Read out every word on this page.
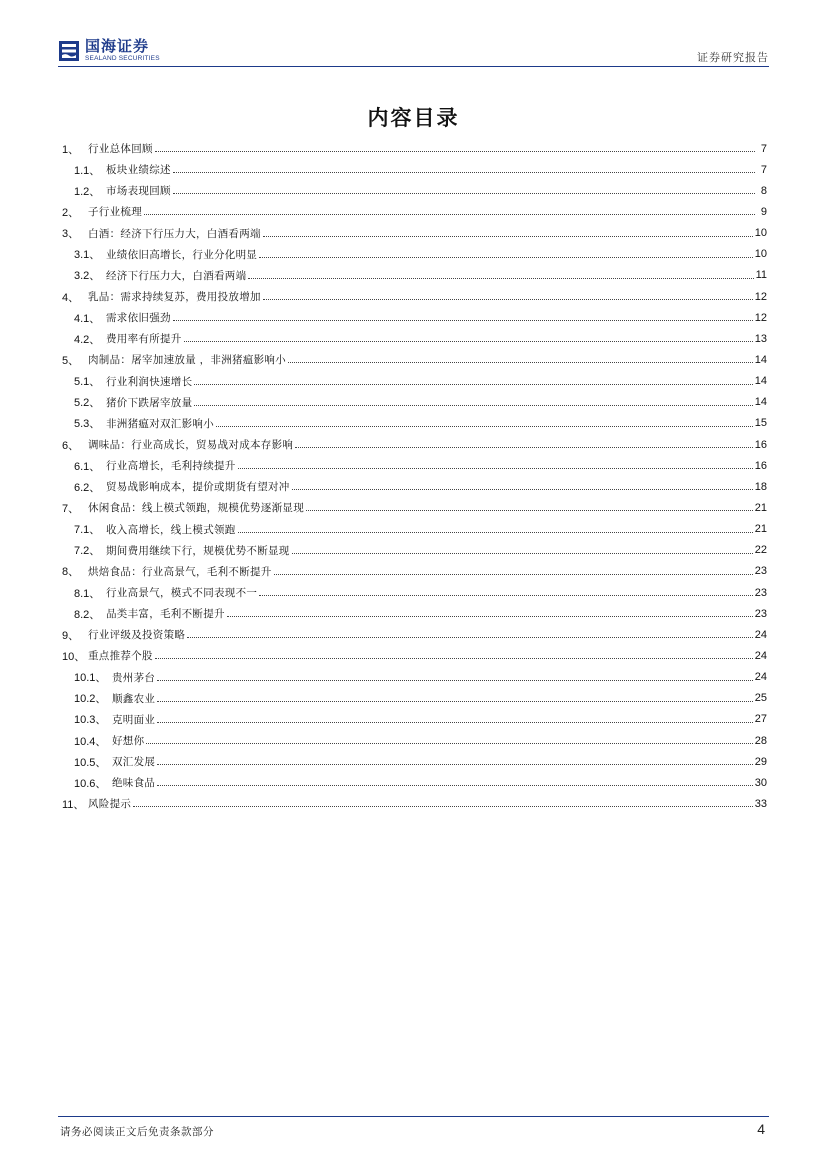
国海证券
SEALAND SECURITIES	证券研究报告
内容目录
1、 行业总体回顾	7
1.1、 板块业绩综述	7
1.2、 市场表现回顾	8
2、 子行业梳理	9
3、 白酒：经济下行压力大，白酒看两端	10
3.1、 业绩依旧高增长，行业分化明显	10
3.2、 经济下行压力大，白酒看两端	11
4、 乳品：需求持续复苏，费用投放增加	12
4.1、 需求依旧强劲	12
4.2、 费用率有所提升	13
5、 肉制品：屠宰加速放量 ，非洲猪瘟影响小	14
5.1、 行业利润快速增长	14
5.2、 猪价下跌屠宰放量	14
5.3、 非洲猪瘟对双汇影响小	15
6、 调味品：行业高成长，贸易战对成本存影响	16
6.1、 行业高增长，毛利持续提升	16
6.2、 贸易战影响成本，提价或期货有望对冲	18
7、 休闲食品：线上模式领跑，规模优势逐渐显现	21
7.1、 收入高增长，线上模式领跑	21
7.2、 期间费用继续下行，规模优势不断显现	22
8、 烘焙食品：行业高景气，毛利不断提升	23
8.1、 行业高景气，模式不同表现不一	23
8.2、 品类丰富，毛利不断提升	23
9、 行业评级及投资策略	24
10、 重点推荐个股	24
10.1、 贵州茅台	24
10.2、 顺鑫农业	25
10.3、 克明面业	27
10.4、 好想你	28
10.5、 双汇发展	29
10.6、 绝味食品	30
11、 风险提示	33
请务必阅读正文后免责条款部分	4
